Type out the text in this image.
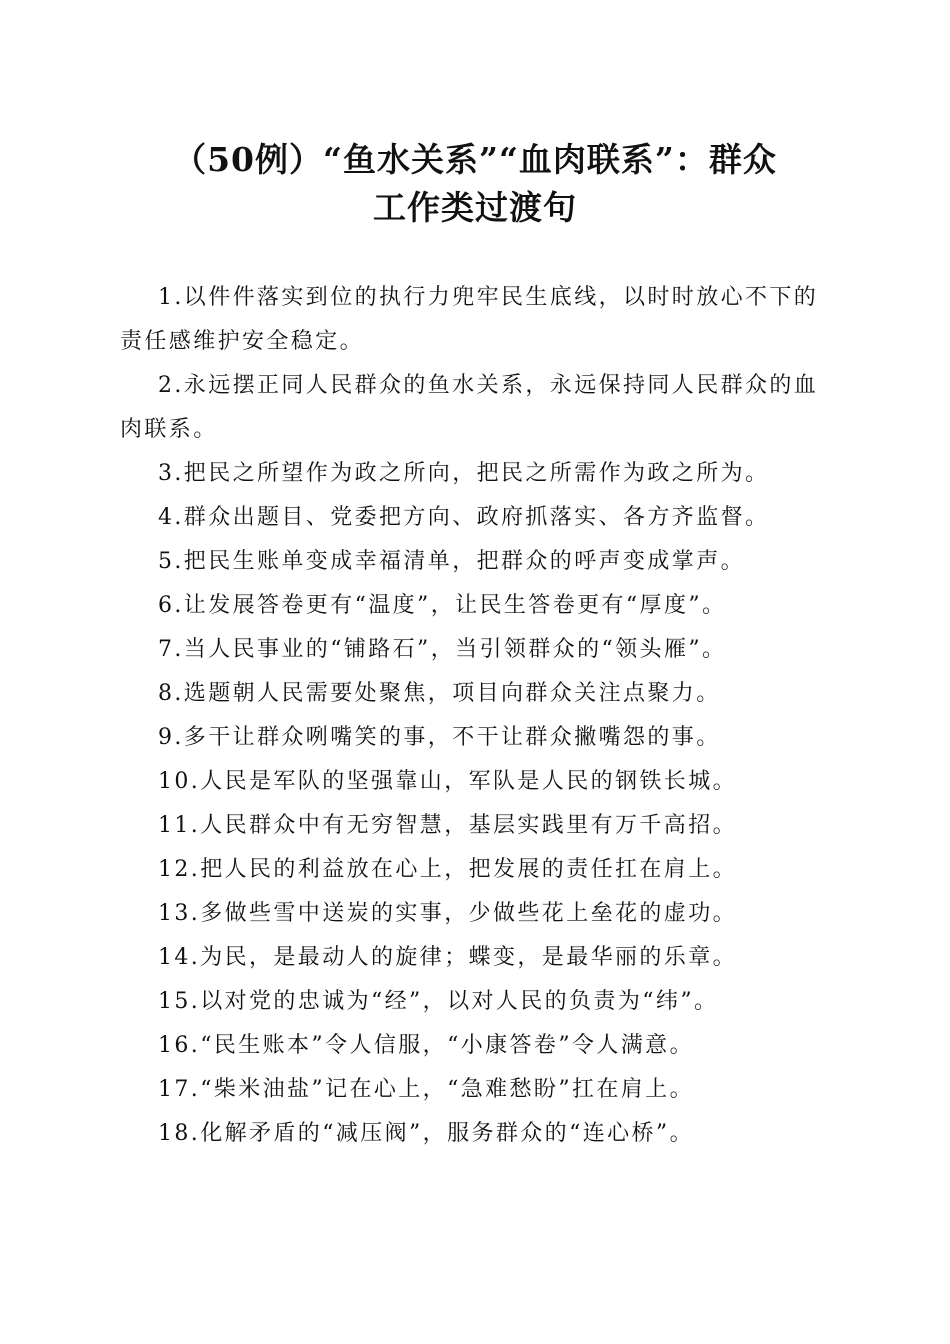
（50例）“鱼水关系”“血肉联系”：群众
工作类过渡句

1.以件件落实到位的执行力兜牢民生底线，以时时放心不下的责任感维护安全稳定。

2.永远摆正同人民群众的鱼水关系，永远保持同人民群众的血肉联系。

3.把民之所望作为政之所向，把民之所需作为政之所为。

4.群众出题目、党委把方向、政府抓落实、各方齐监督。

5.把民生账单变成幸福清单，把群众的呼声变成掌声。

6.让发展答卷更有“温度”，让民生答卷更有“厚度”。

7.当人民事业的“铺路石”，当引领群众的“领头雁”。

8.选题朝人民需要处聚焦，项目向群众关注点聚力。

9.多干让群众咧嘴笑的事，不干让群众撇嘴怨的事。

10.人民是军队的坚强靠山，军队是人民的钢铁长城。

11.人民群众中有无穷智慧，基层实践里有万千高招。

12.把人民的利益放在心上，把发展的责任扛在肩上。

13.多做些雪中送炭的实事，少做些花上垒花的虚功。

14.为民，是最动人的旋律；蝶变，是最华丽的乐章。

15.以对党的忠诚为“经”，以对人民的负责为“纬”。

16.“民生账本”令人信服，“小康答卷”令人满意。

17.“柴米油盐”记在心上，“急难愁盼”扛在肩上。

18.化解矛盾的“减压阀”，服务群众的“连心桥”。
